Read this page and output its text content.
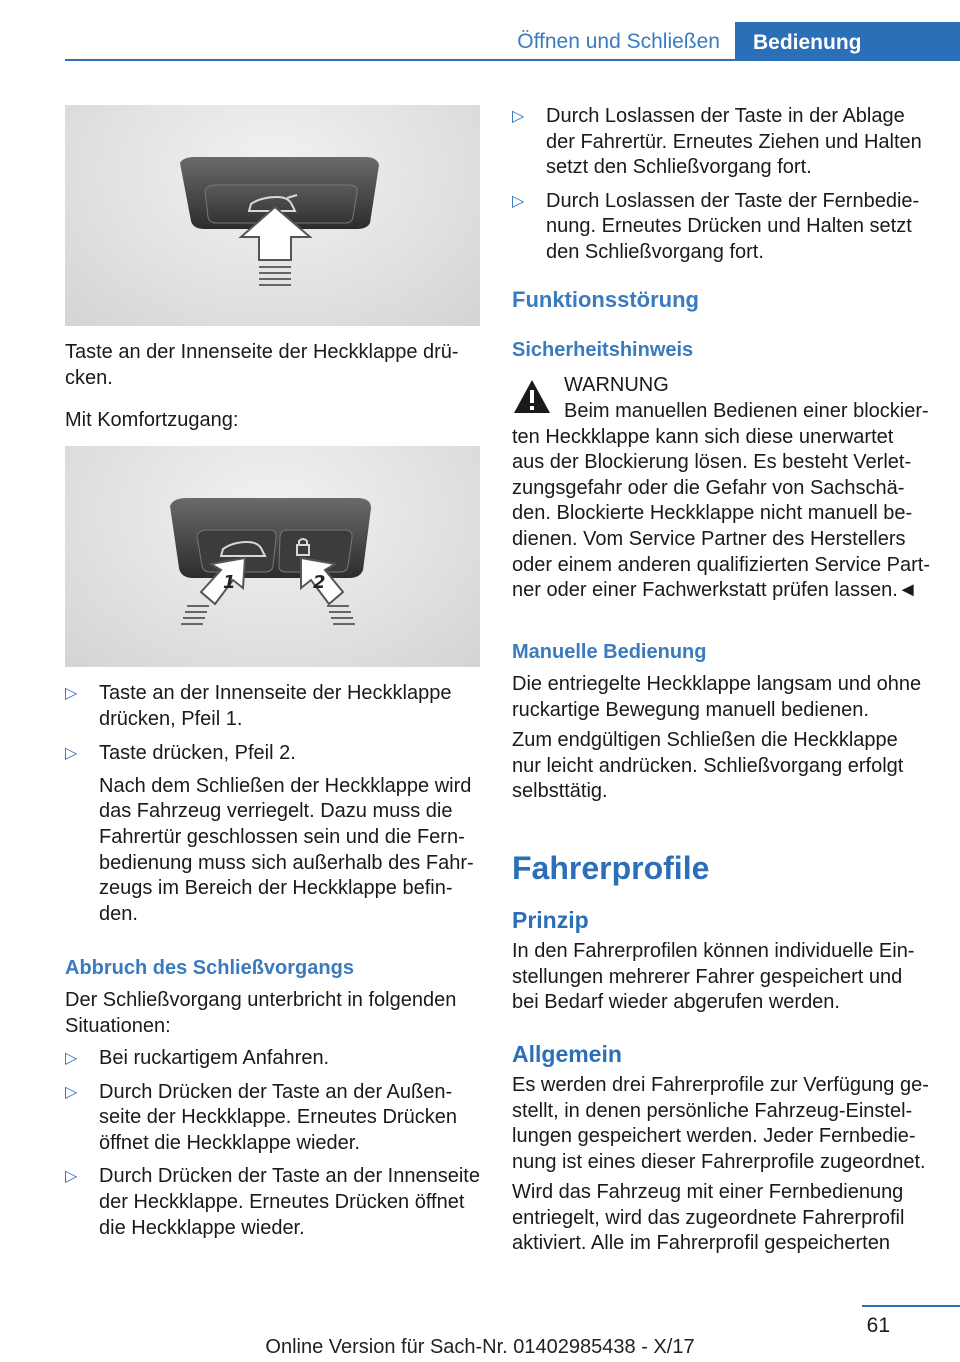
Öffnen und Schließen	Bedienung

Taste an der Innenseite der Heckklappe drü-

cken.

Mit Komfortzugang:

1	2
▷ Taste an der Innenseite der Heckklappe
drücken, Pfeil 1.
▷ Taste drücken, Pfeil 2.
Nach dem Schließen der Heckklappe wird
das Fahrzeug verriegelt. Dazu muss die
Fahrertür geschlossen sein und die Fern-
bedienung muss sich außerhalb des Fahr-
zeugs im Bereich der Heckklappe befin-
den.
Abbruch des Schließvorgangs

Der Schließvorgang unterbricht in folgenden

Situationen:

▷ Bei ruckartigem Anfahren.
▷ Durch Drücken der Taste an der Außen-
seite der Heckklappe. Erneutes Drücken
öffnet die Heckklappe wieder.
▷ Durch Drücken der Taste an der Innenseite
der Heckklappe. Erneutes Drücken öffnet
die Heckklappe wieder.
▷ Durch Loslassen der Taste in der Ablage
der Fahrertür. Erneutes Ziehen und Halten
setzt den Schließvorgang fort.
▷ Durch Loslassen der Taste der Fernbedie-
nung. Erneutes Drücken und Halten setzt
den Schließvorgang fort.
Funktionsstörung
Sicherheitshinweis

WARNUNG

Beim manuellen Bedienen einer blockier-

ten Heckklappe kann sich diese unerwartet

aus der Blockierung lösen. Es besteht Verlet-

zungsgefahr oder die Gefahr von Sachschä-

den. Blockierte Heckklappe nicht manuell be-

dienen. Vom Service Partner des Herstellers

oder einem anderen qualifizierten Service Part-

ner oder einer Fachwerkstatt prüfen lassen.◄

Manuelle Bedienung

Die entriegelte Heckklappe langsam und ohne

ruckartige Bewegung manuell bedienen.

Zum endgültigen Schließen die Heckklappe

nur leicht andrücken. Schließvorgang erfolgt

selbsttätig.

Fahrerprofile
Prinzip

In den Fahrerprofilen können individuelle Ein-

stellungen mehrerer Fahrer gespeichert und

bei Bedarf wieder abgerufen werden.

Allgemein

Es werden drei Fahrerprofile zur Verfügung ge-

stellt, in denen persönliche Fahrzeug-Einstel-

lungen gespeichert werden. Jeder Fernbedie-

nung ist eines dieser Fahrerprofile zugeordnet.

Wird das Fahrzeug mit einer Fernbedienung

entriegelt, wird das zugeordnete Fahrerprofil

aktiviert. Alle im Fahrerprofil gespeicherten

61
Online Version für Sach-Nr. 01402985438 - X/17
